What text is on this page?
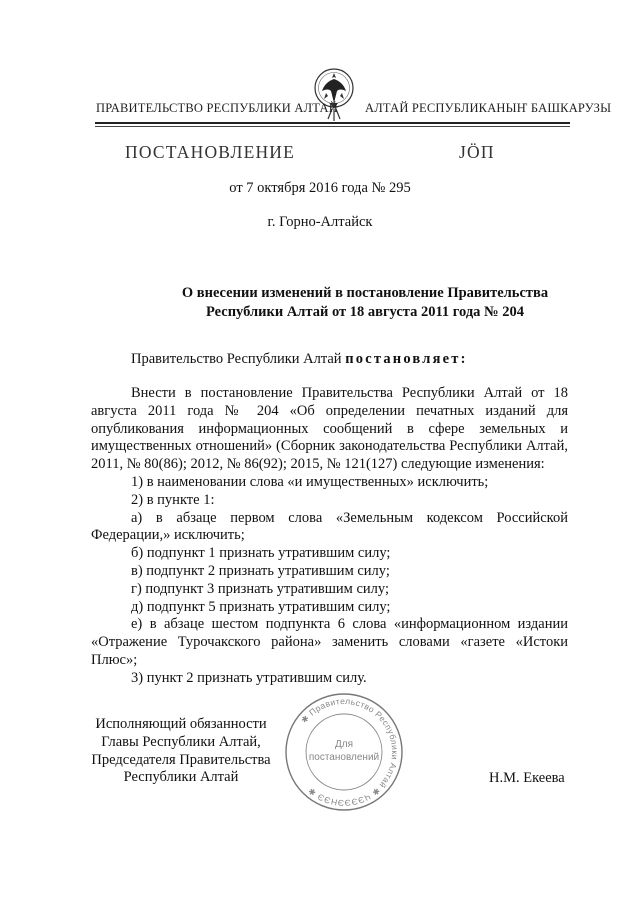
ПРАВИТЕЛЬСТВО РЕСПУБЛИКИ АЛТАЙ АЛТАЙ РЕСПУБЛИКАНЫҤ БАШКАРУЗЫ
ПОСТАНОВЛЕНИЕ	JÖП
от 7 октября 2016 года № 295
г. Горно-Алтайск
О внесении изменений в постановление Правительства
Республики Алтай от 18 августа 2011 года № 204
Правительство Республики Алтай постановляет:

Внести в постановление Правительства Республики Алтай от 18 августа 2011 года № 204 «Об определении печатных изданий для опубликования информационных сообщений в сфере земельных и имущественных отношений» (Сборник законодательства Республики Алтай, 2011, № 80(86); 2012, № 86(92); 2015, № 121(127) следующие изменения:

1) в наименовании слова «и имущественных» исключить;

2) в пункте 1:

а) в абзаце первом слова «Земельным кодексом Российской Федерации,» исключить;

б) подпункт 1 признать утратившим силу;

в) подпункт 2 признать утратившим силу;

г) подпункт 3 признать утратившим силу;

д) подпункт 5 признать утратившим силу;

е) в абзаце шестом подпункта 6 слова «информационном издании «Отражение Турочакского района» заменить словами «газете «Истоки Плюс»;

3) пункт 2 признать утратившим силу.

✱ Правительство Республики Алтай ✱ ЧЭЭЭЭНЭЭ ✱
Для
постановлений
Исполняющий обязанности
Главы Республики Алтай,
Председателя Правительства
Республики Алтай	Н.М. Екеева
